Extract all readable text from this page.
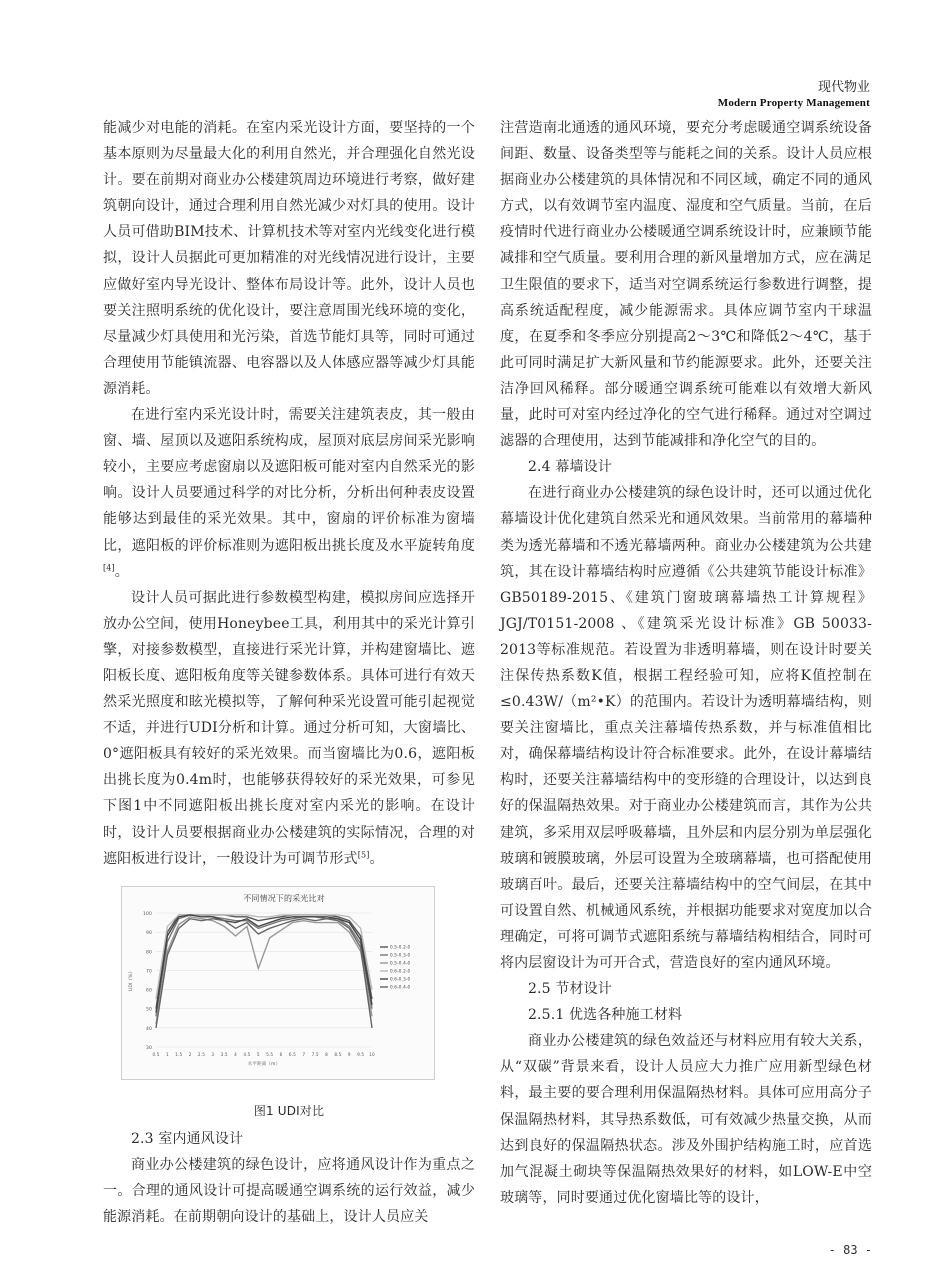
现代物业
Modern Property Management

能减少对电能的消耗。在室内采光设计方面，要坚持的一个基本原则为尽量最大化的利用自然光，并合理强化自然光设计。要在前期对商业办公楼建筑周边环境进行考察，做好建筑朝向设计，通过合理利用自然光减少对灯具的使用。设计人员可借助BIM技术、计算机技术等对室内光线变化进行模拟，设计人员据此可更加精准的对光线情况进行设计，主要应做好室内导光设计、整体布局设计等。此外，设计人员也要关注照明系统的优化设计，要注意周围光线环境的变化，尽量减少灯具使用和光污染，首选节能灯具等，同时可通过合理使用节能镇流器、电容器以及人体感应器等减少灯具能源消耗。

在进行室内采光设计时，需要关注建筑表皮，其一般由窗、墙、屋顶以及遮阳系统构成，屋顶对底层房间采光影响较小，主要应考虑窗扇以及遮阳板可能对室内自然采光的影响。设计人员要通过科学的对比分析，分析出何种表皮设置能够达到最佳的采光效果。其中，窗扇的评价标准为窗墙比，遮阳板的评价标准则为遮阳板出挑长度及水平旋转角度[4]。

设计人员可据此进行参数模型构建，模拟房间应选择开放办公空间，使用Honeybee工具，利用其中的采光计算引擎，对接参数模型，直接进行采光计算，并构建窗墙比、遮阳板长度、遮阳板角度等关键参数体系。具体可进行有效天然采光照度和眩光模拟等，了解何种采光设置可能引起视觉不适，并进行UDI分析和计算。通过分析可知，大窗墙比、0°遮阳板具有较好的采光效果。而当窗墙比为0.6，遮阳板出挑长度为0.4m时，也能够获得较好的采光效果，可参见下图1中不同遮阳板出挑长度对室内采光的影响。在设计时，设计人员要根据商业办公楼建筑的实际情况，合理的对遮阳板进行设计，一般设计为可调节形式[5]。

不同情况下的采光比对
30
40
50
60
70
80
90
100
0.5 1 1.5 2 2.5 3 3.5 4 4.5 5 5.5 6 6.5 7 7.5 8 8.5 9 9.5 10
水平距离（m）
UDI（%）
0.5-0.2-0
0.5-0.3-0
0.5-0.4-0
0.6-0.2-0
0.6-0.3-0
0.6-0.4-0
图1 UDI对比

2.3 室内通风设计

商业办公楼建筑的绿色设计，应将通风设计作为重点之一。合理的通风设计可提高暖通空调系统的运行效益，减少能源消耗。在前期朝向设计的基础上，设计人员应关

注营造南北通透的通风环境，要充分考虑暖通空调系统设备间距、数量、设备类型等与能耗之间的关系。设计人员应根据商业办公楼建筑的具体情况和不同区域，确定不同的通风方式，以有效调节室内温度、湿度和空气质量。当前，在后疫情时代进行商业办公楼暖通空调系统设计时，应兼顾节能减排和空气质量。要利用合理的新风量增加方式，应在满足卫生限值的要求下，适当对空调系统运行参数进行调整，提高系统适配程度，减少能源需求。具体应调节室内干球温度，在夏季和冬季应分别提高2～3℃和降低2～4℃，基于此可同时满足扩大新风量和节约能源要求。此外，还要关注洁净回风稀释。部分暖通空调系统可能难以有效增大新风量，此时可对室内经过净化的空气进行稀释。通过对空调过滤器的合理使用，达到节能减排和净化空气的目的。

2.4 幕墙设计

在进行商业办公楼建筑的绿色设计时，还可以通过优化幕墙设计优化建筑自然采光和通风效果。当前常用的幕墙种类为透光幕墙和不透光幕墙两种。商业办公楼建筑为公共建筑，其在设计幕墙结构时应遵循《公共建筑节能设计标准》GB50189-2015、《建筑门窗玻璃幕墙热工计算规程》JGJ/T0151-2008 、《建筑采光设计标准》GB 50033-2013等标准规范。若设置为非透明幕墙，则在设计时要关注保传热系数K值，根据工程经验可知，应将K值控制在≤0.43W/（m²•K）的范围内。若设计为透明幕墙结构，则要关注窗墙比，重点关注幕墙传热系数，并与标准值相比对，确保幕墙结构设计符合标准要求。此外，在设计幕墙结构时，还要关注幕墙结构中的变形缝的合理设计，以达到良好的保温隔热效果。对于商业办公楼建筑而言，其作为公共建筑，多采用双层呼吸幕墙，且外层和内层分别为单层强化玻璃和镀膜玻璃，外层可设置为全玻璃幕墙，也可搭配使用玻璃百叶。最后，还要关注幕墙结构中的空气间层，在其中可设置自然、机械通风系统，并根据功能要求对宽度加以合理确定，可将可调节式遮阳系统与幕墙结构相结合，同时可将内层窗设计为可开合式，营造良好的室内通风环境。

2.5 节材设计

2.5.1 优选各种施工材料

商业办公楼建筑的绿色效益还与材料应用有较大关系，从“双碳”背景来看，设计人员应大力推广应用新型绿色材料，最主要的要合理利用保温隔热材料。具体可应用高分子保温隔热材料，其导热系数低，可有效减少热量交换，从而达到良好的保温隔热状态。涉及外围护结构施工时，应首选加气混凝土砌块等保温隔热效果好的材料，如LOW-E中空玻璃等，同时要通过优化窗墙比等的设计，

- 83 -
